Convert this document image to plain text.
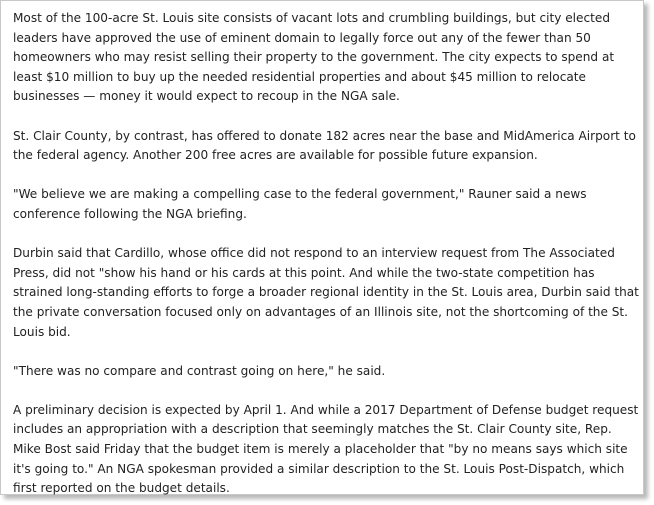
Most of the 100-acre St. Louis site consists of vacant lots and crumbling buildings, but city elected leaders have approved the use of eminent domain to legally force out any of the fewer than 50 homeowners who may resist selling their property to the government. The city expects to spend at least $10 million to buy up the needed residential properties and about $45 million to relocate businesses — money it would expect to recoup in the NGA sale.

St. Clair County, by contrast, has offered to donate 182 acres near the base and MidAmerica Airport to the federal agency. Another 200 free acres are available for possible future expansion.

"We believe we are making a compelling case to the federal government," Rauner said a news conference following the NGA briefing.

Durbin said that Cardillo, whose office did not respond to an interview request from The Associated Press, did not "show his hand or his cards at this point. And while the two-state competition has strained long-standing efforts to forge a broader regional identity in the St. Louis area, Durbin said that the private conversation focused only on advantages of an Illinois site, not the shortcoming of the St. Louis bid.

"There was no compare and contrast going on here," he said.

A preliminary decision is expected by April 1. And while a 2017 Department of Defense budget request includes an appropriation with a description that seemingly matches the St. Clair County site, Rep. Mike Bost said Friday that the budget item is merely a placeholder that "by no means says which site it's going to." An NGA spokesman provided a similar description to the St. Louis Post-Dispatch, which first reported on the budget details.
